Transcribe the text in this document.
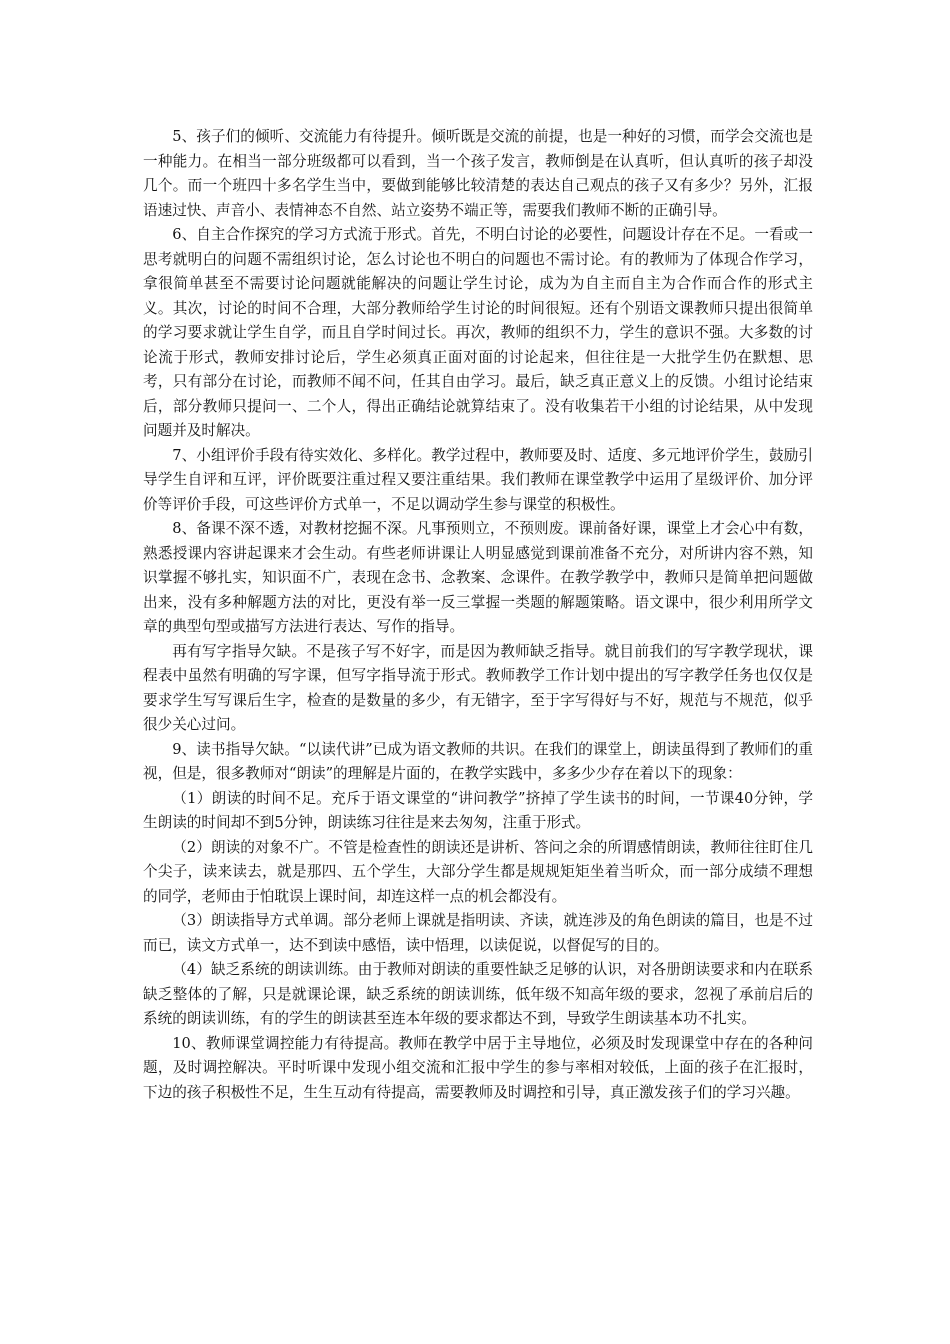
5、孩子们的倾听、交流能力有待提升。倾听既是交流的前提，也是一种好的习惯，而学会交流也是一种能力。在相当一部分班级都可以看到，当一个孩子发言，教师倒是在认真听，但认真听的孩子却没几个。而一个班四十多名学生当中，要做到能够比较清楚的表达自己观点的孩子又有多少？另外，汇报语速过快、声音小、表情神态不自然、站立姿势不端正等，需要我们教师不断的正确引导。

6、自主合作探究的学习方式流于形式。首先，不明白讨论的必要性，问题设计存在不足。一看或一思考就明白的问题不需组织讨论，怎么讨论也不明白的问题也不需讨论。有的教师为了体现合作学习，拿很简单甚至不需要讨论问题就能解决的问题让学生讨论，成为为自主而自主为合作而合作的形式主义。其次，讨论的时间不合理，大部分教师给学生讨论的时间很短。还有个别语文课教师只提出很简单的学习要求就让学生自学，而且自学时间过长。再次，教师的组织不力，学生的意识不强。大多数的讨论流于形式，教师安排讨论后，学生必须真正面对面的讨论起来，但往往是一大批学生仍在默想、思考，只有部分在讨论，而教师不闻不问，任其自由学习。最后，缺乏真正意义上的反馈。小组讨论结束后，部分教师只提问一、二个人，得出正确结论就算结束了。没有收集若干小组的讨论结果，从中发现问题并及时解决。

7、小组评价手段有待实效化、多样化。教学过程中，教师要及时、适度、多元地评价学生，鼓励引导学生自评和互评，评价既要注重过程又要注重结果。我们教师在课堂教学中运用了星级评价、加分评价等评价手段，可这些评价方式单一，不足以调动学生参与课堂的积极性。

8、备课不深不透，对教材挖掘不深。凡事预则立，不预则废。课前备好课，课堂上才会心中有数，熟悉授课内容讲起课来才会生动。有些老师讲课让人明显感觉到课前准备不充分，对所讲内容不熟，知识掌握不够扎实，知识面不广，表现在念书、念教案、念课件。在教学教学中，教师只是简单把问题做出来，没有多种解题方法的对比，更没有举一反三掌握一类题的解题策略。语文课中，很少利用所学文章的典型句型或描写方法进行表达、写作的指导。

再有写字指导欠缺。不是孩子写不好字，而是因为教师缺乏指导。就目前我们的写字教学现状，课程表中虽然有明确的写字课，但写字指导流于形式。教师教学工作计划中提出的写字教学任务也仅仅是要求学生写写课后生字，检查的是数量的多少，有无错字，至于字写得好与不好，规范与不规范，似乎很少关心过问。

9、读书指导欠缺。“以读代讲”已成为语文教师的共识。在我们的课堂上，朗读虽得到了教师们的重视，但是，很多教师对“朗读”的理解是片面的，在教学实践中，多多少少存在着以下的现象：

（1）朗读的时间不足。充斥于语文课堂的“讲问教学”挤掉了学生读书的时间，一节课40分钟，学生朗读的时间却不到5分钟，朗读练习往往是来去匆匆，注重于形式。

（2）朗读的对象不广。不管是检查性的朗读还是讲析、答问之余的所谓感情朗读，教师往往盯住几个尖子，读来读去，就是那四、五个学生，大部分学生都是规规矩矩坐着当听众，而一部分成绩不理想的同学，老师由于怕耽误上课时间，却连这样一点的机会都没有。

（3）朗读指导方式单调。部分老师上课就是指明读、齐读，就连涉及的角色朗读的篇目，也是不过而已，读文方式单一，达不到读中感悟，读中悟理，以读促说，以督促写的目的。

（4）缺乏系统的朗读训练。由于教师对朗读的重要性缺乏足够的认识，对各册朗读要求和内在联系缺乏整体的了解，只是就课论课，缺乏系统的朗读训练，低年级不知高年级的要求，忽视了承前启后的系统的朗读训练，有的学生的朗读甚至连本年级的要求都达不到，导致学生朗读基本功不扎实。

10、教师课堂调控能力有待提高。教师在教学中居于主导地位，必须及时发现课堂中存在的各种问题，及时调控解决。平时听课中发现小组交流和汇报中学生的参与率相对较低，上面的孩子在汇报时，下边的孩子积极性不足，生生互动有待提高，需要教师及时调控和引导，真正激发孩子们的学习兴趣。
